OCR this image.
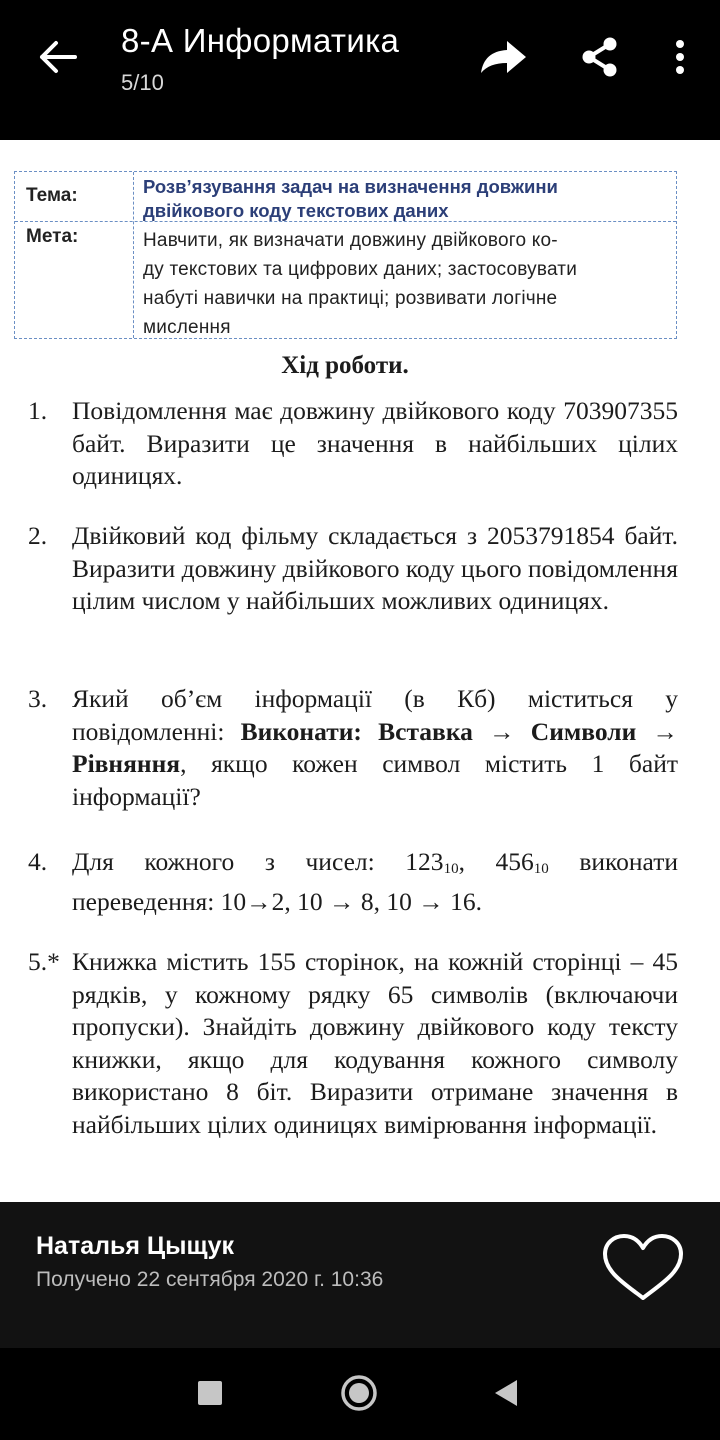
8-А Информатика
5/10
Тема:	Розв’язування задач на визначення довжини
двійкового коду текстових даних
Мета:	Навчити, як визначати довжину двійкового ко-
ду текстових та цифрових даних; застосовувати
набуті навички на практиці; розвивати логічне
мислення
Хід роботи.
1. Повідомлення має довжину двійкового коду 703907355 байт. Виразити це значення в найбільших цілих одиницях.
2. Двійковий код фільму складається з 2053791854 байт. Виразити довжину двійкового коду цього повідомлення цілим числом у найбільших можливих одиницях.
3. Який об’єм інформації (в Кб) міститься у повідомленні: Виконати: Вставка → Символи → Рівняння, якщо кожен символ містить 1 байт інформації?
4. Для кожного з чисел: $123_{10}$, $456_{10}$ виконати переведення: 10→2, 10 → 8, 10 → 16.
5.* Книжка містить 155 сторінок, на кожній сторінці – 45 рядків, у кожному рядку 65 символів (включаючи пропуски). Знайдіть довжину двійкового коду тексту книжки, якщо для кодування кожного символу використано 8 біт. Виразити отримане значення в найбільших цілих одиницях вимірювання інформації.
Наталья Цыщук
Получено 22 сентября 2020 г. 10:36
